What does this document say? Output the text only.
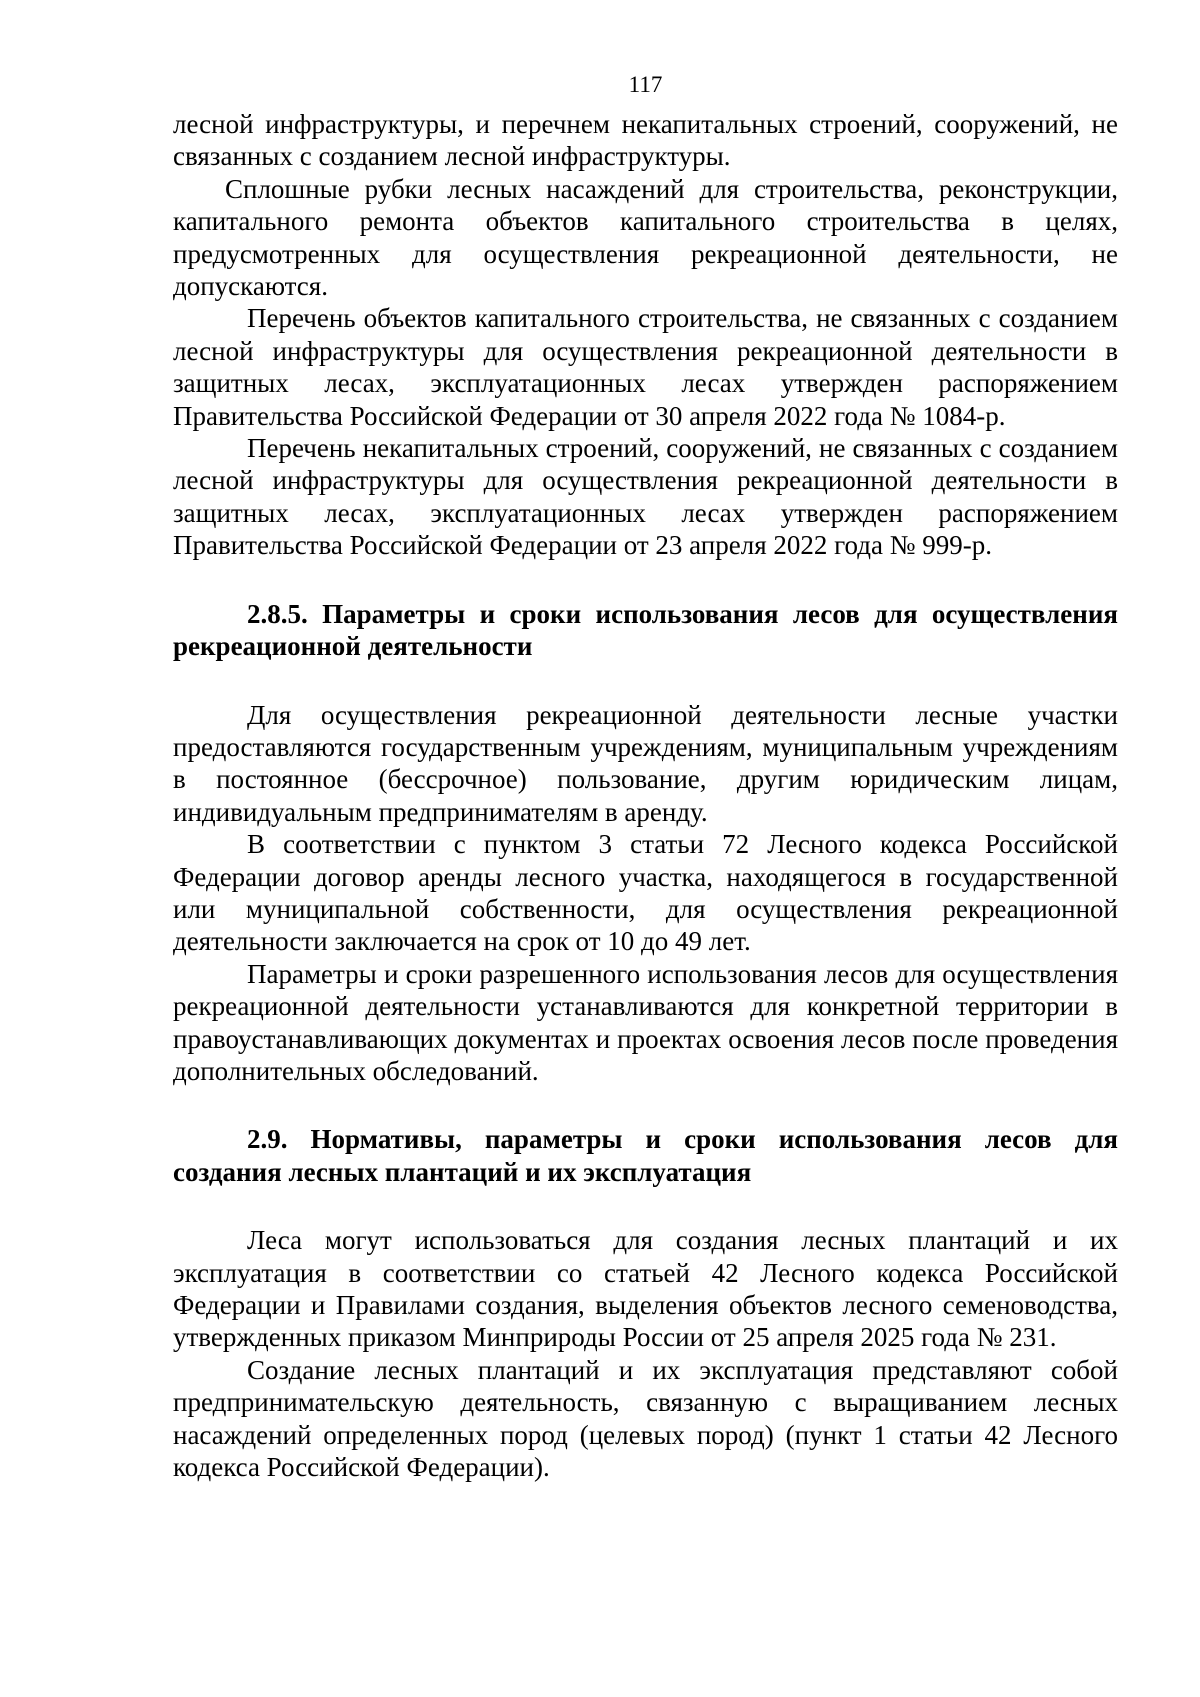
117

лесной инфраструктуры, и перечнем некапитальных строений, сооружений, не связанных с созданием лесной инфраструктуры.

Сплошные рубки лесных насаждений для строительства, реконструкции, капитального ремонта объектов капитального строительства в целях, предусмотренных для осуществления рекреационной деятельности, не допускаются.

Перечень объектов капитального строительства, не связанных с созданием лесной инфраструктуры для осуществления рекреационной деятельности в защитных лесах, эксплуатационных лесах утвержден распоряжением Правительства Российской Федерации от 30 апреля 2022 года № 1084-р.

Перечень некапитальных строений, сооружений, не связанных с созданием лесной инфраструктуры для осуществления рекреационной деятельности в защитных лесах, эксплуатационных лесах утвержден распоряжением Правительства Российской Федерации от 23 апреля 2022 года № 999-р.

2.8.5. Параметры и сроки использования лесов для осуществления рекреационной деятельности

Для осуществления рекреационной деятельности лесные участки предоставляются государственным учреждениям, муниципальным учреждениям в постоянное (бессрочное) пользование, другим юридическим лицам, индивидуальным предпринимателям в аренду.

В соответствии с пунктом 3 статьи 72 Лесного кодекса Российской Федерации договор аренды лесного участка, находящегося в государственной или муниципальной собственности, для осуществления рекреационной деятельности заключается на срок от 10 до 49 лет.

Параметры и сроки разрешенного использования лесов для осуществления рекреационной деятельности устанавливаются для конкретной территории в правоустанавливающих документах и проектах освоения лесов после проведения дополнительных обследований.

2.9. Нормативы, параметры и сроки использования лесов для создания лесных плантаций и их эксплуатация

Леса могут использоваться для создания лесных плантаций и их эксплуатация в соответствии со статьей 42 Лесного кодекса Российской Федерации и Правилами создания, выделения объектов лесного семеноводства, утвержденных приказом Минприроды России от 25 апреля 2025 года № 231.

Создание лесных плантаций и их эксплуатация представляют собой предпринимательскую деятельность, связанную с выращиванием лесных насаждений определенных пород (целевых пород) (пункт 1 статьи 42 Лесного кодекса Российской Федерации).
